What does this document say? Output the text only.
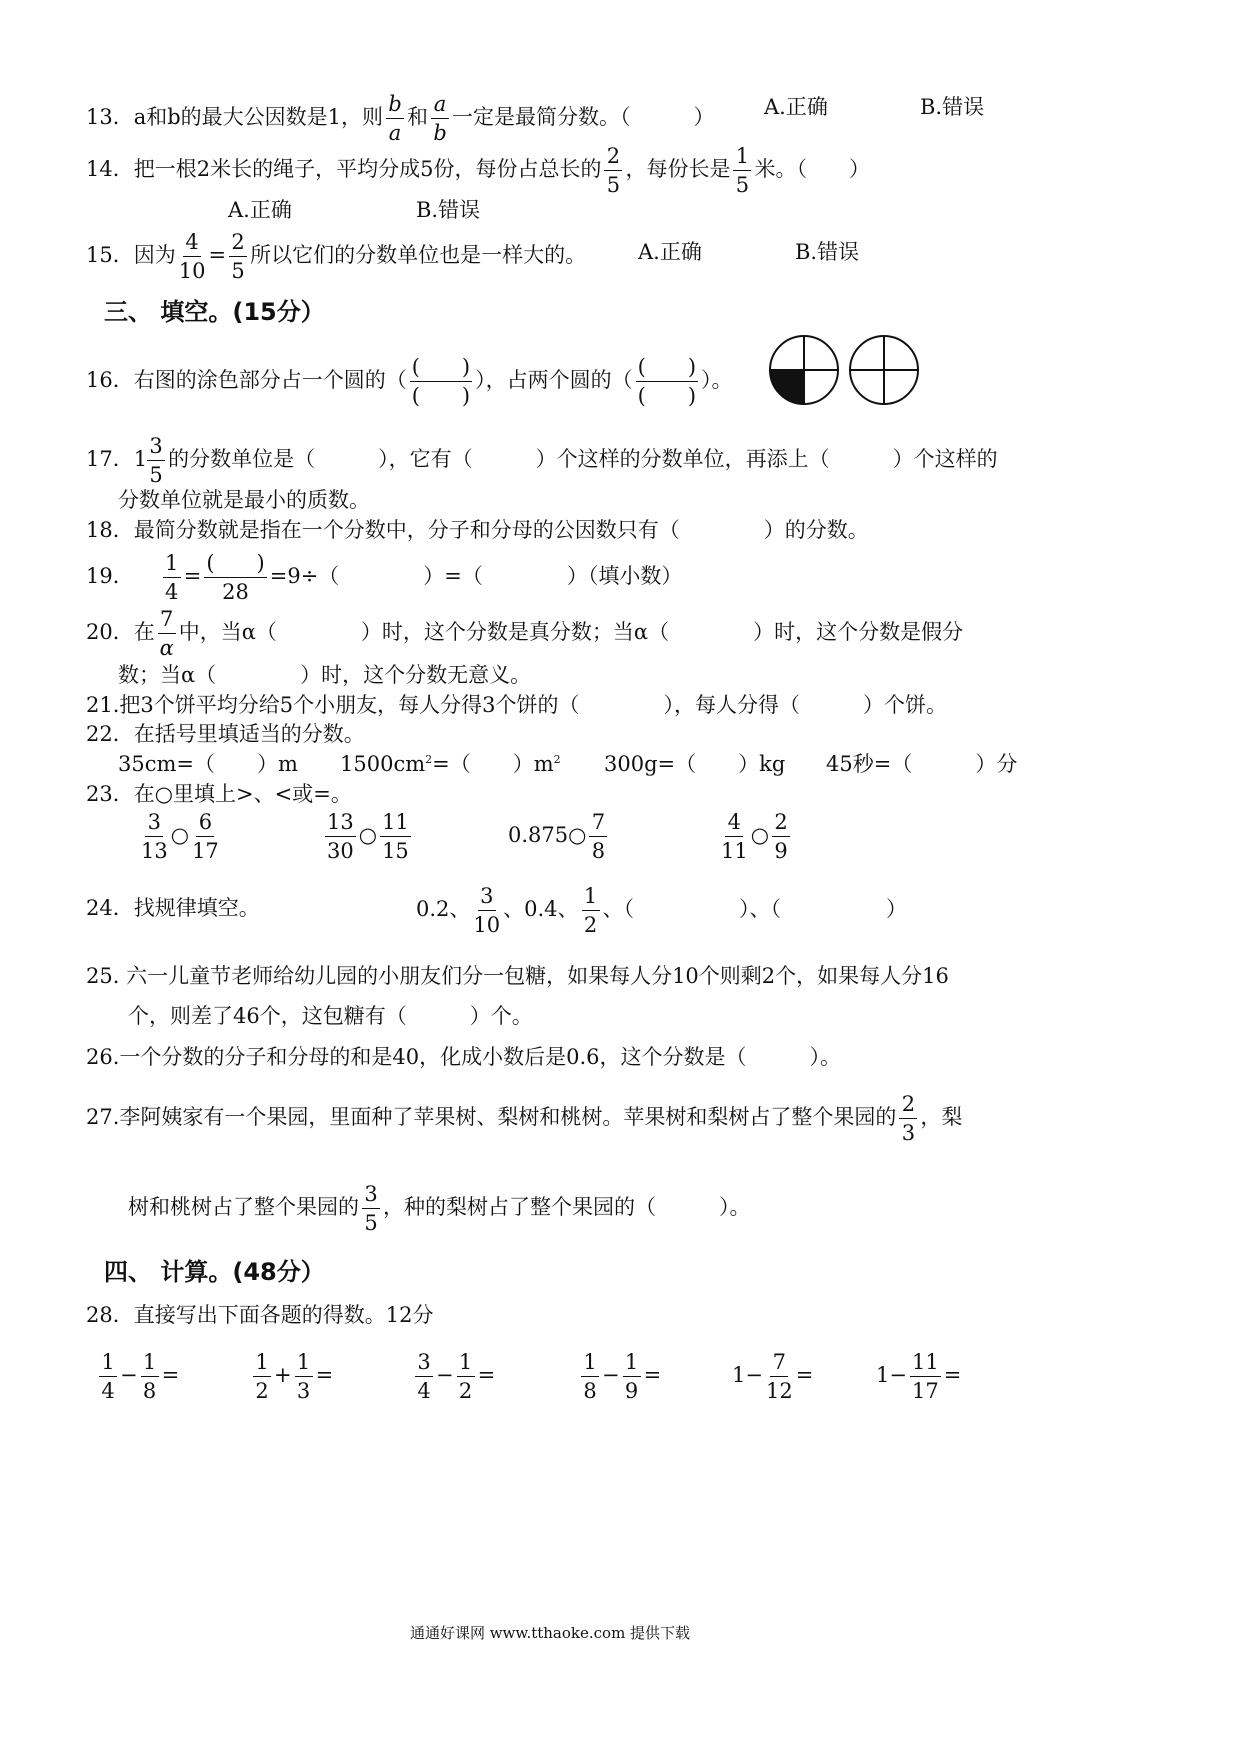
13．a和b的最大公因数是1，则 $\frac{b}{a}$ 和 $\frac{a}{b}$ 一定是最简分数。（　　　） A.正确	B.错误
14．把一根2米长的绳子，平均分成5份，每份占总长的 $\frac{2}{5}$ ，每份长是 $\frac{1}{5}$ 米。（　　）
A.正确	B.错误
15．因为 $\frac{4}{10} = \frac{2}{5}$ 所以它们的分数单位也是一样大的。 A.正确	B.错误
三、 填空。(15分）
16．右图的涂色部分占一个圆的（
(　　)
(　　)
），占两个圆的（
(　　)
(　　)
）。
17．$1 \frac{3}{5}$ 的分数单位是（　　　），它有（　　　）个这样的分数单位，再添上（　　　）个这样的
分数单位就是最小的质数。
18．最简分数就是指在一个分数中，分子和分母的公因数只有（　　　　）的分数。
19． $\frac{1}{4}$ =
(　　)
28
=9÷（　　　　）=（　　　　）（填小数）
20．在 $\frac{7}{\alpha}$ 中，当α（　　　　）时，这个分数是真分数；当α（　　　　）时，这个分数是假分
数；当α（　　　　）时，这个分数无意义。
21.把3个饼平均分给5个小朋友，每人分得3个饼的（　　　　），每人分得（　　　）个饼。
22．在括号里填适当的分数。
35cm=（　　）m $1500cm^2=$（　　）$m^2$ 300g=（　　）kg 45秒=（　　　）分
23．在○里填上>、<或=。
$\frac{3}{13}$ ○ $\frac{6}{17}$	$\frac{13}{30}$ ○ $\frac{11}{15}$	0.875○ $\frac{7}{8}$	$\frac{4}{11}$ ○ $\frac{2}{9}$
24．找规律填空。	0.2、 $\frac{3}{10}$ 、0.4、 $\frac{1}{2}$ 、（　　　　　）、（　　　　　）
25. 六一儿童节老师给幼儿园的小朋友们分一包糖，如果每人分10个则剩2个，如果每人分16
个，则差了46个，这包糖有（　　　）个。
26.一个分数的分子和分母的和是40，化成小数后是0.6，这个分数是（　　　）。
27.李阿姨家有一个果园，里面种了苹果树、梨树和桃树。苹果树和梨树占了整个果园的 $\frac{2}{3}$ ，梨
树和桃树占了整个果园的 $\frac{3}{5}$ ，种的梨树占了整个果园的（　　　）。
四、 计算。(48分）
28．直接写出下面各题的得数。12分
$\frac{1}{4} - \frac{1}{8}$ =	$\frac{1}{2} + \frac{1}{3}$ =	$\frac{3}{4} - \frac{1}{2}$ =	$\frac{1}{8} - \frac{1}{9}$ =	$1- \frac{7}{12}$ =	$1- \frac{11}{17}$ =
通通好课网 www.tthaoke.com 提供下载
